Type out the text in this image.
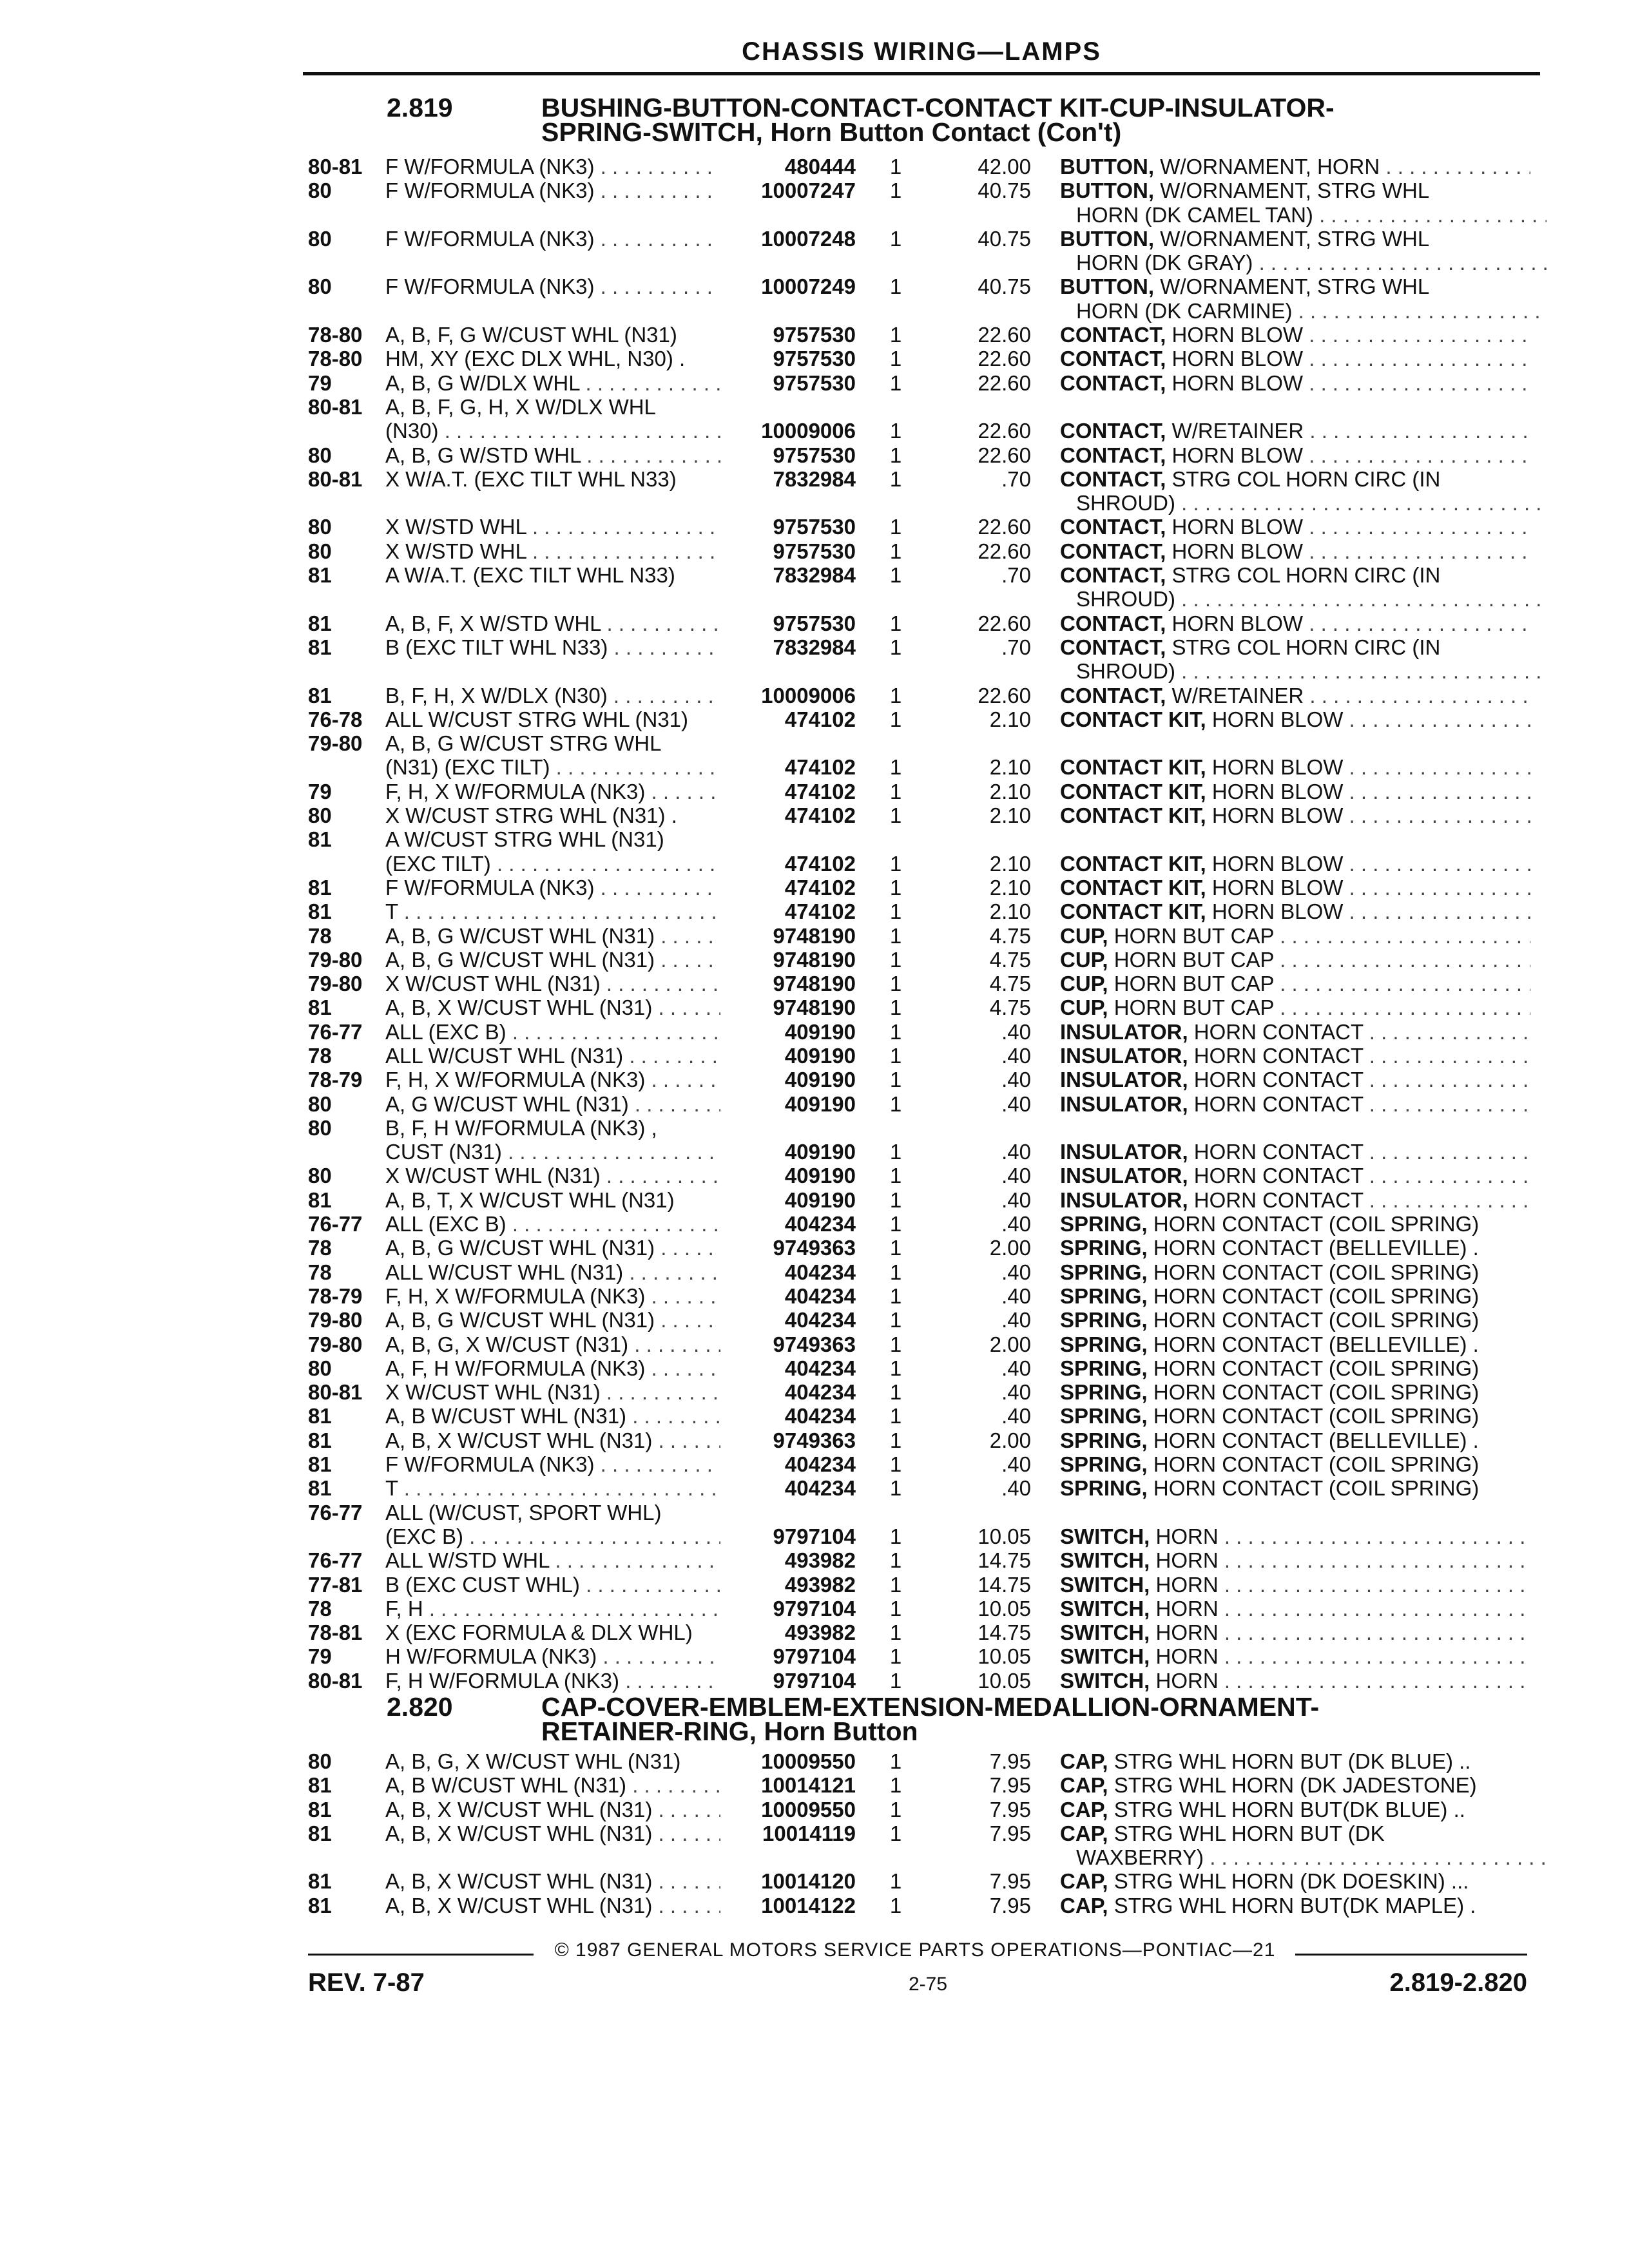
CHASSIS WIRING—LAMPS
2.819	BUSHING-BUTTON-CONTACT-CONTACT KIT-CUP-INSULATOR-
SPRING-SWITCH, Horn Button Contact (Con't)
80-81 F W/FORMULA (NK3) . . .	480444	1	42.00 BUTTON, W/ORNAMENT, HORN . . .
80	F W/FORMULA (NK3) . . .	10007247	1	40.75 BUTTON, W/ORNAMENT, STRG WHL
HORN (DK CAMEL TAN) . . .
80	F W/FORMULA (NK3) . . .	10007248	1	40.75 BUTTON, W/ORNAMENT, STRG WHL
HORN (DK GRAY) . . .
80	F W/FORMULA (NK3) . . .	10007249	1	40.75 BUTTON, W/ORNAMENT, STRG WHL
HORN (DK CARMINE) . . .
78-80 A, B, F, G W/CUST WHL (N31)	9757530	1	22.60 CONTACT, HORN BLOW . . .
78-80 HM, XY (EXC DLX WHL, N30) .	9757530	1	22.60 CONTACT, HORN BLOW . . .
79	A, B, G W/DLX WHL . . .	9757530	1	22.60 CONTACT, HORN BLOW . . .
80-81 A, B, F, G, H, X W/DLX WHL
(N30) . . .	10009006	1	22.60 CONTACT, W/RETAINER . . .
80	A, B, G W/STD WHL . . .	9757530	1	22.60 CONTACT, HORN BLOW . . .
80-81 X W/A.T. (EXC TILT WHL N33)	7832984	1	.70 CONTACT, STRG COL HORN CIRC (IN
SHROUD) . . .
80	X W/STD WHL . . .	9757530	1	22.60 CONTACT, HORN BLOW . . .
80	X W/STD WHL . . .	9757530	1	22.60 CONTACT, HORN BLOW . . .
81	A W/A.T. (EXC TILT WHL N33)	7832984	1	.70 CONTACT, STRG COL HORN CIRC (IN
SHROUD) . . .
81	A, B, F, X W/STD WHL . . .	9757530	1	22.60 CONTACT, HORN BLOW . . .
81	B (EXC TILT WHL N33) . . .	7832984	1	.70 CONTACT, STRG COL HORN CIRC (IN
SHROUD) . . .
81	B, F, H, X W/DLX (N30) . . .	10009006	1	22.60 CONTACT, W/RETAINER . . .
76-78 ALL W/CUST STRG WHL (N31)	474102	1	2.10 CONTACT KIT, HORN BLOW . . .
79-80 A, B, G W/CUST STRG WHL
(N31) (EXC TILT) . . .	474102	1	2.10 CONTACT KIT, HORN BLOW . . .
79	F, H, X W/FORMULA (NK3) . . .	474102	1	2.10 CONTACT KIT, HORN BLOW . . .
80	X W/CUST STRG WHL (N31) .	474102	1	2.10 CONTACT KIT, HORN BLOW . . .
81	A W/CUST STRG WHL (N31)
(EXC TILT) . . .	474102	1	2.10 CONTACT KIT, HORN BLOW . . .
81	F W/FORMULA (NK3) . . .	474102	1	2.10 CONTACT KIT, HORN BLOW . . .
81	T . . .	474102	1	2.10 CONTACT KIT, HORN BLOW . . .
78	A, B, G W/CUST WHL (N31) . . .	9748190	1	4.75 CUP, HORN BUT CAP . . .
79-80 A, B, G W/CUST WHL (N31) . . .	9748190	1	4.75 CUP, HORN BUT CAP . . .
79-80 X W/CUST WHL (N31) . . .	9748190	1	4.75 CUP, HORN BUT CAP . . .
81	A, B, X W/CUST WHL (N31) . . .	9748190	1	4.75 CUP, HORN BUT CAP . . .
76-77 ALL (EXC B) . . .	409190	1	.40 INSULATOR, HORN CONTACT . . .
78	ALL W/CUST WHL (N31) . . .	409190	1	.40 INSULATOR, HORN CONTACT . . .
78-79 F, H, X W/FORMULA (NK3) . . .	409190	1	.40 INSULATOR, HORN CONTACT . . .
80	A, G W/CUST WHL (N31) . . .	409190	1	.40 INSULATOR, HORN CONTACT . . .
80	B, F, H W/FORMULA (NK3) ,
CUST (N31) . . .	409190	1	.40 INSULATOR, HORN CONTACT . . .
80	X W/CUST WHL (N31) . . .	409190	1	.40 INSULATOR, HORN CONTACT . . .
81	A, B, T, X W/CUST WHL (N31)	409190	1	.40 INSULATOR, HORN CONTACT . . .
76-77 ALL (EXC B) . . .	404234	1	.40 SPRING, HORN CONTACT (COIL SPRING)
78	A, B, G W/CUST WHL (N31) . . .	9749363	1	2.00 SPRING, HORN CONTACT (BELLEVILLE) .
78	ALL W/CUST WHL (N31) . . .	404234	1	.40 SPRING, HORN CONTACT (COIL SPRING)
78-79 F, H, X W/FORMULA (NK3) . . .	404234	1	.40 SPRING, HORN CONTACT (COIL SPRING)
79-80 A, B, G W/CUST WHL (N31) . . .	404234	1	.40 SPRING, HORN CONTACT (COIL SPRING)
79-80 A, B, G, X W/CUST (N31) . . .	9749363	1	2.00 SPRING, HORN CONTACT (BELLEVILLE) .
80	A, F, H W/FORMULA (NK3) . . .	404234	1	.40 SPRING, HORN CONTACT (COIL SPRING)
80-81 X W/CUST WHL (N31) . . .	404234	1	.40 SPRING, HORN CONTACT (COIL SPRING)
81	A, B W/CUST WHL (N31) . . .	404234	1	.40 SPRING, HORN CONTACT (COIL SPRING)
81	A, B, X W/CUST WHL (N31) . . .	9749363	1	2.00 SPRING, HORN CONTACT (BELLEVILLE) .
81	F W/FORMULA (NK3) . . .	404234	1	.40 SPRING, HORN CONTACT (COIL SPRING)
81	T . . .	404234	1	.40 SPRING, HORN CONTACT (COIL SPRING)
76-77 ALL (W/CUST, SPORT WHL)
(EXC B) . . .	9797104	1	10.05 SWITCH, HORN . . .
76-77 ALL W/STD WHL . . .	493982	1	14.75 SWITCH, HORN . . .
77-81 B (EXC CUST WHL) . . .	493982	1	14.75 SWITCH, HORN . . .
78	F, H . . .	9797104	1	10.05 SWITCH, HORN . . .
78-81 X (EXC FORMULA & DLX WHL)	493982	1	14.75 SWITCH, HORN . . .
79	H W/FORMULA (NK3) . . .	9797104	1	10.05 SWITCH, HORN . . .
80-81 F, H W/FORMULA (NK3) . . .	9797104	1	10.05 SWITCH, HORN . . .
2.820	CAP-COVER-EMBLEM-EXTENSION-MEDALLION-ORNAMENT-
RETAINER-RING, Horn Button
80	A, B, G, X W/CUST WHL (N31)	10009550	1	7.95 CAP, STRG WHL HORN BUT (DK BLUE) ..
81	A, B W/CUST WHL (N31) . . .	10014121	1	7.95 CAP, STRG WHL HORN (DK JADESTONE)
81	A, B, X W/CUST WHL (N31) . . .	10009550	1	7.95 CAP, STRG WHL HORN BUT(DK BLUE) ..
81	A, B, X W/CUST WHL (N31) . . .	10014119	1	7.95 CAP, STRG WHL HORN BUT (DK
WAXBERRY) . . .
81	A, B, X W/CUST WHL (N31) . . .	10014120	1	7.95 CAP, STRG WHL HORN (DK DOESKIN) ...
81	A, B, X W/CUST WHL (N31) . . .	10014122	1	7.95 CAP, STRG WHL HORN BUT(DK MAPLE) .
© 1987 GENERAL MOTORS SERVICE PARTS OPERATIONS—PONTIAC—21
REV. 7-87	2-75	2.819-2.820
